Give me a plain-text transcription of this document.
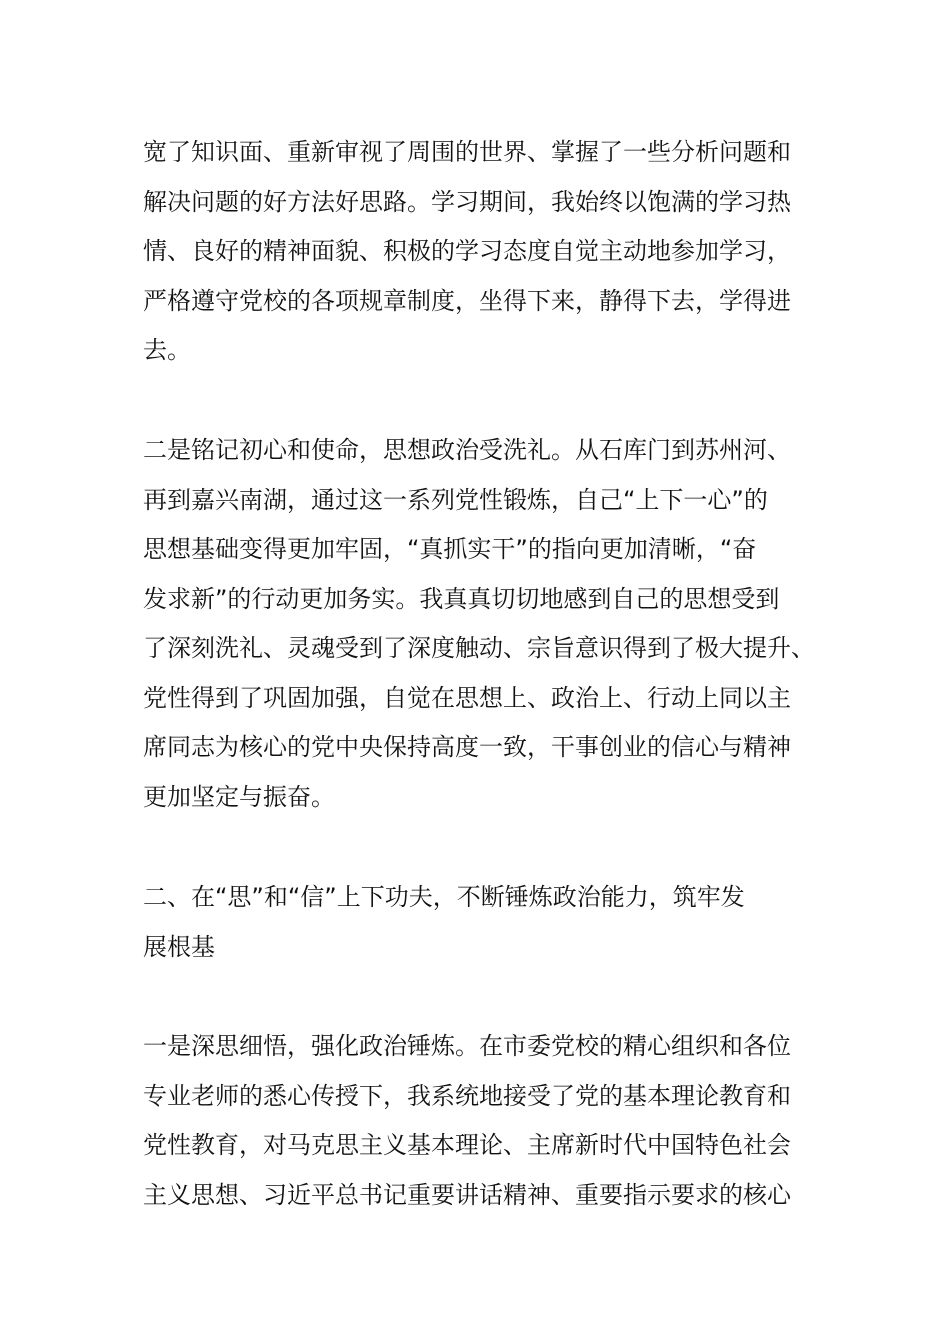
宽了知识面、重新审视了周围的世界、掌握了一些分析问题和
解决问题的好方法好思路。学习期间，我始终以饱满的学习热
情、良好的精神面貌、积极的学习态度自觉主动地参加学习，
严格遵守党校的各项规章制度，坐得下来，静得下去，学得进
去。
二是铭记初心和使命，思想政治受洗礼。从石库门到苏州河、
再到嘉兴南湖，通过这一系列党性锻炼，自己“上下一心”的
思想基础变得更加牢固，“真抓实干”的指向更加清晰，“奋
发求新”的行动更加务实。我真真切切地感到自己的思想受到
了深刻洗礼、灵魂受到了深度触动、宗旨意识得到了极大提升、
党性得到了巩固加强，自觉在思想上、政治上、行动上同以主
席同志为核心的党中央保持高度一致，干事创业的信心与精神
更加坚定与振奋。
二、在“思”和“信”上下功夫，不断锤炼政治能力，筑牢发
展根基
一是深思细悟，强化政治锤炼。在市委党校的精心组织和各位
专业老师的悉心传授下，我系统地接受了党的基本理论教育和
党性教育，对马克思主义基本理论、主席新时代中国特色社会
主义思想、习近平总书记重要讲话精神、重要指示要求的核心
